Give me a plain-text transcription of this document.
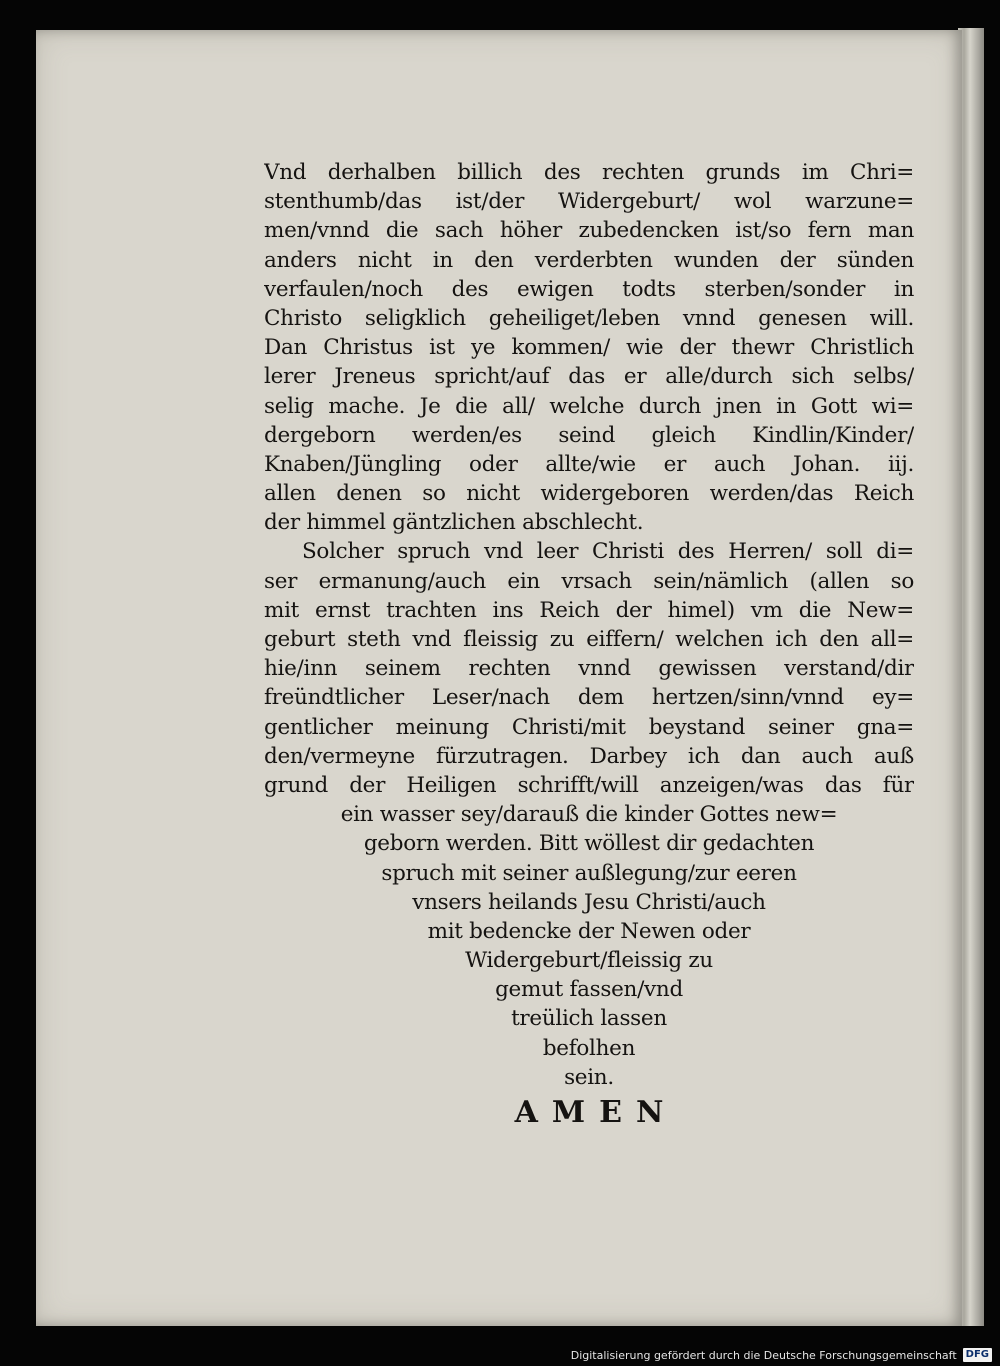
Vnd derhalben billich des rechten grunds im Chri=
stenthumb/das ist/der Widergeburt/ wol warzune=
men/vnnd die sach höher zubedencken ist/so fern man
anders nicht in den verderbten wunden der sünden
verfaulen/noch des ewigen todts sterben/sonder in
Christo seligklich geheiliget/leben vnnd genesen will.
Dan Christus ist ye kommen/ wie der thewr Christlich
lerer Jreneus spricht/auf das er alle/durch sich selbs/
selig mache. Je die all/ welche durch jnen in Gott wi=
dergeborn werden/es seind gleich Kindlin/Kinder/
Knaben/Jüngling oder allte/wie er auch Johan. iij.
allen denen so nicht widergeboren werden/das Reich
der himmel gäntzlichen abschlecht.
Solcher spruch vnd leer Christi des Herren/ soll di=
ser ermanung/auch ein vrsach sein/nämlich (allen so
mit ernst trachten ins Reich der himel) vm die New=
geburt steth vnd fleissig zu eiffern/ welchen ich den all=
hie/inn seinem rechten vnnd gewissen verstand/dir
freündtlicher Leser/nach dem hertzen/sinn/vnnd ey=
gentlicher meinung Christi/mit beystand seiner gna=
den/vermeyne fürzutragen. Darbey ich dan auch auß
grund der Heiligen schrifft/will anzeigen/was das für
ein wasser sey/darauß die kinder Gottes new=
geborn werden. Bitt wöllest dir gedachten
spruch mit seiner außlegung/zur eeren
vnsers heilands Jesu Christi/auch
mit bedencke der Newen oder
Widergeburt/fleissig zu
gemut fassen/vnd
treülich lassen
befolhen
sein.
AMEN
Digitalisierung gefördert durch die Deutsche Forschungsgemeinschaft DFG
